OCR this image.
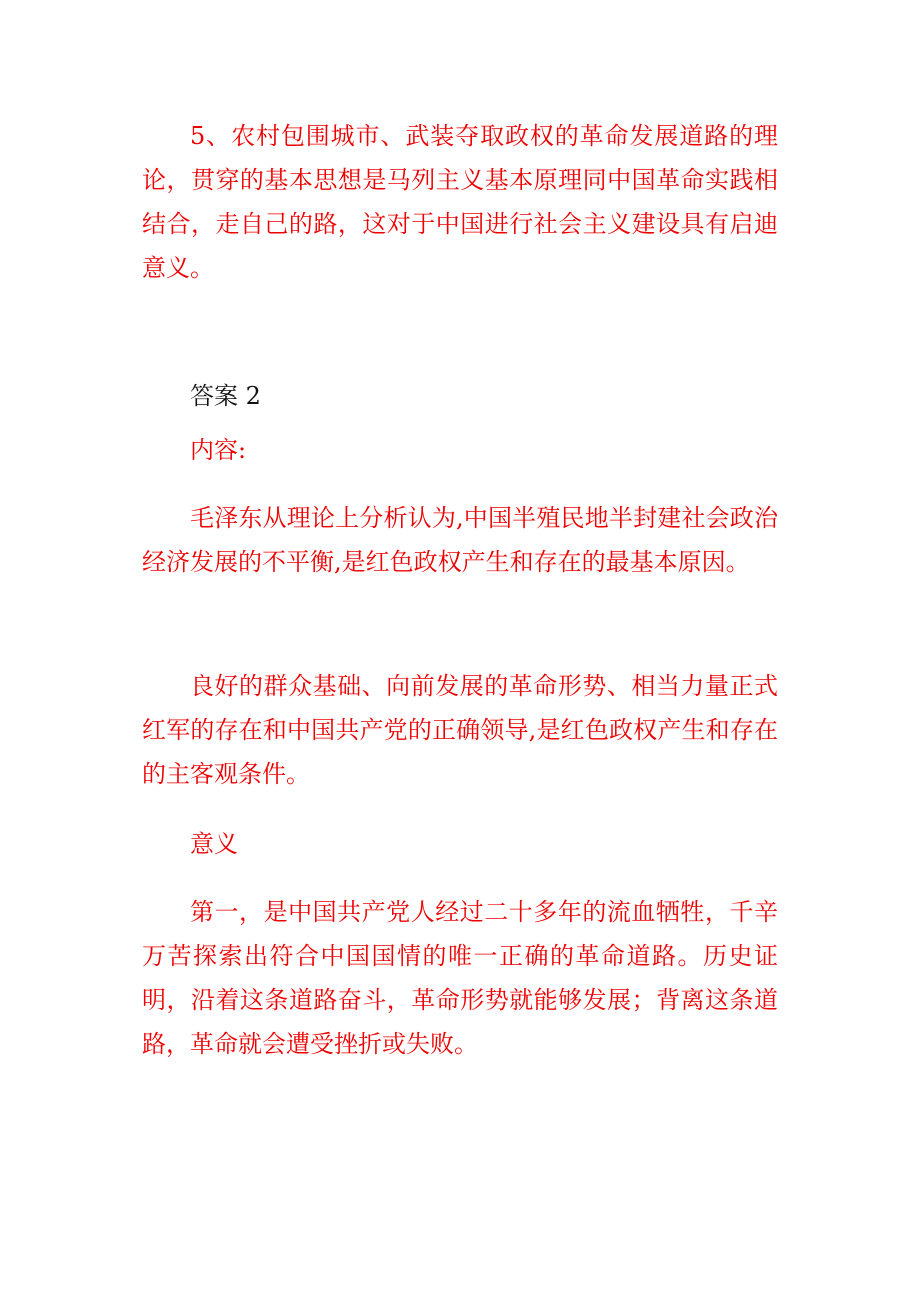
5、农村包围城市、武装夺取政权的革命发展道路的理论，贯穿的基本思想是马列主义基本原理同中国革命实践相结合，走自己的路，这对于中国进行社会主义建设具有启迪意义。

答案 2

内容:

毛泽东从理论上分析认为,中国半殖民地半封建社会政治经济发展的不平衡,是红色政权产生和存在的最基本原因。

良好的群众基础、向前发展的革命形势、相当力量正式红军的存在和中国共产党的正确领导,是红色政权产生和存在的主客观条件。

意义

第一，是中国共产党人经过二十多年的流血牺牲，千辛万苦探索出符合中国国情的唯一正确的革命道路。历史证明，沿着这条道路奋斗，革命形势就能够发展；背离这条道路，革命就会遭受挫折或失败。
